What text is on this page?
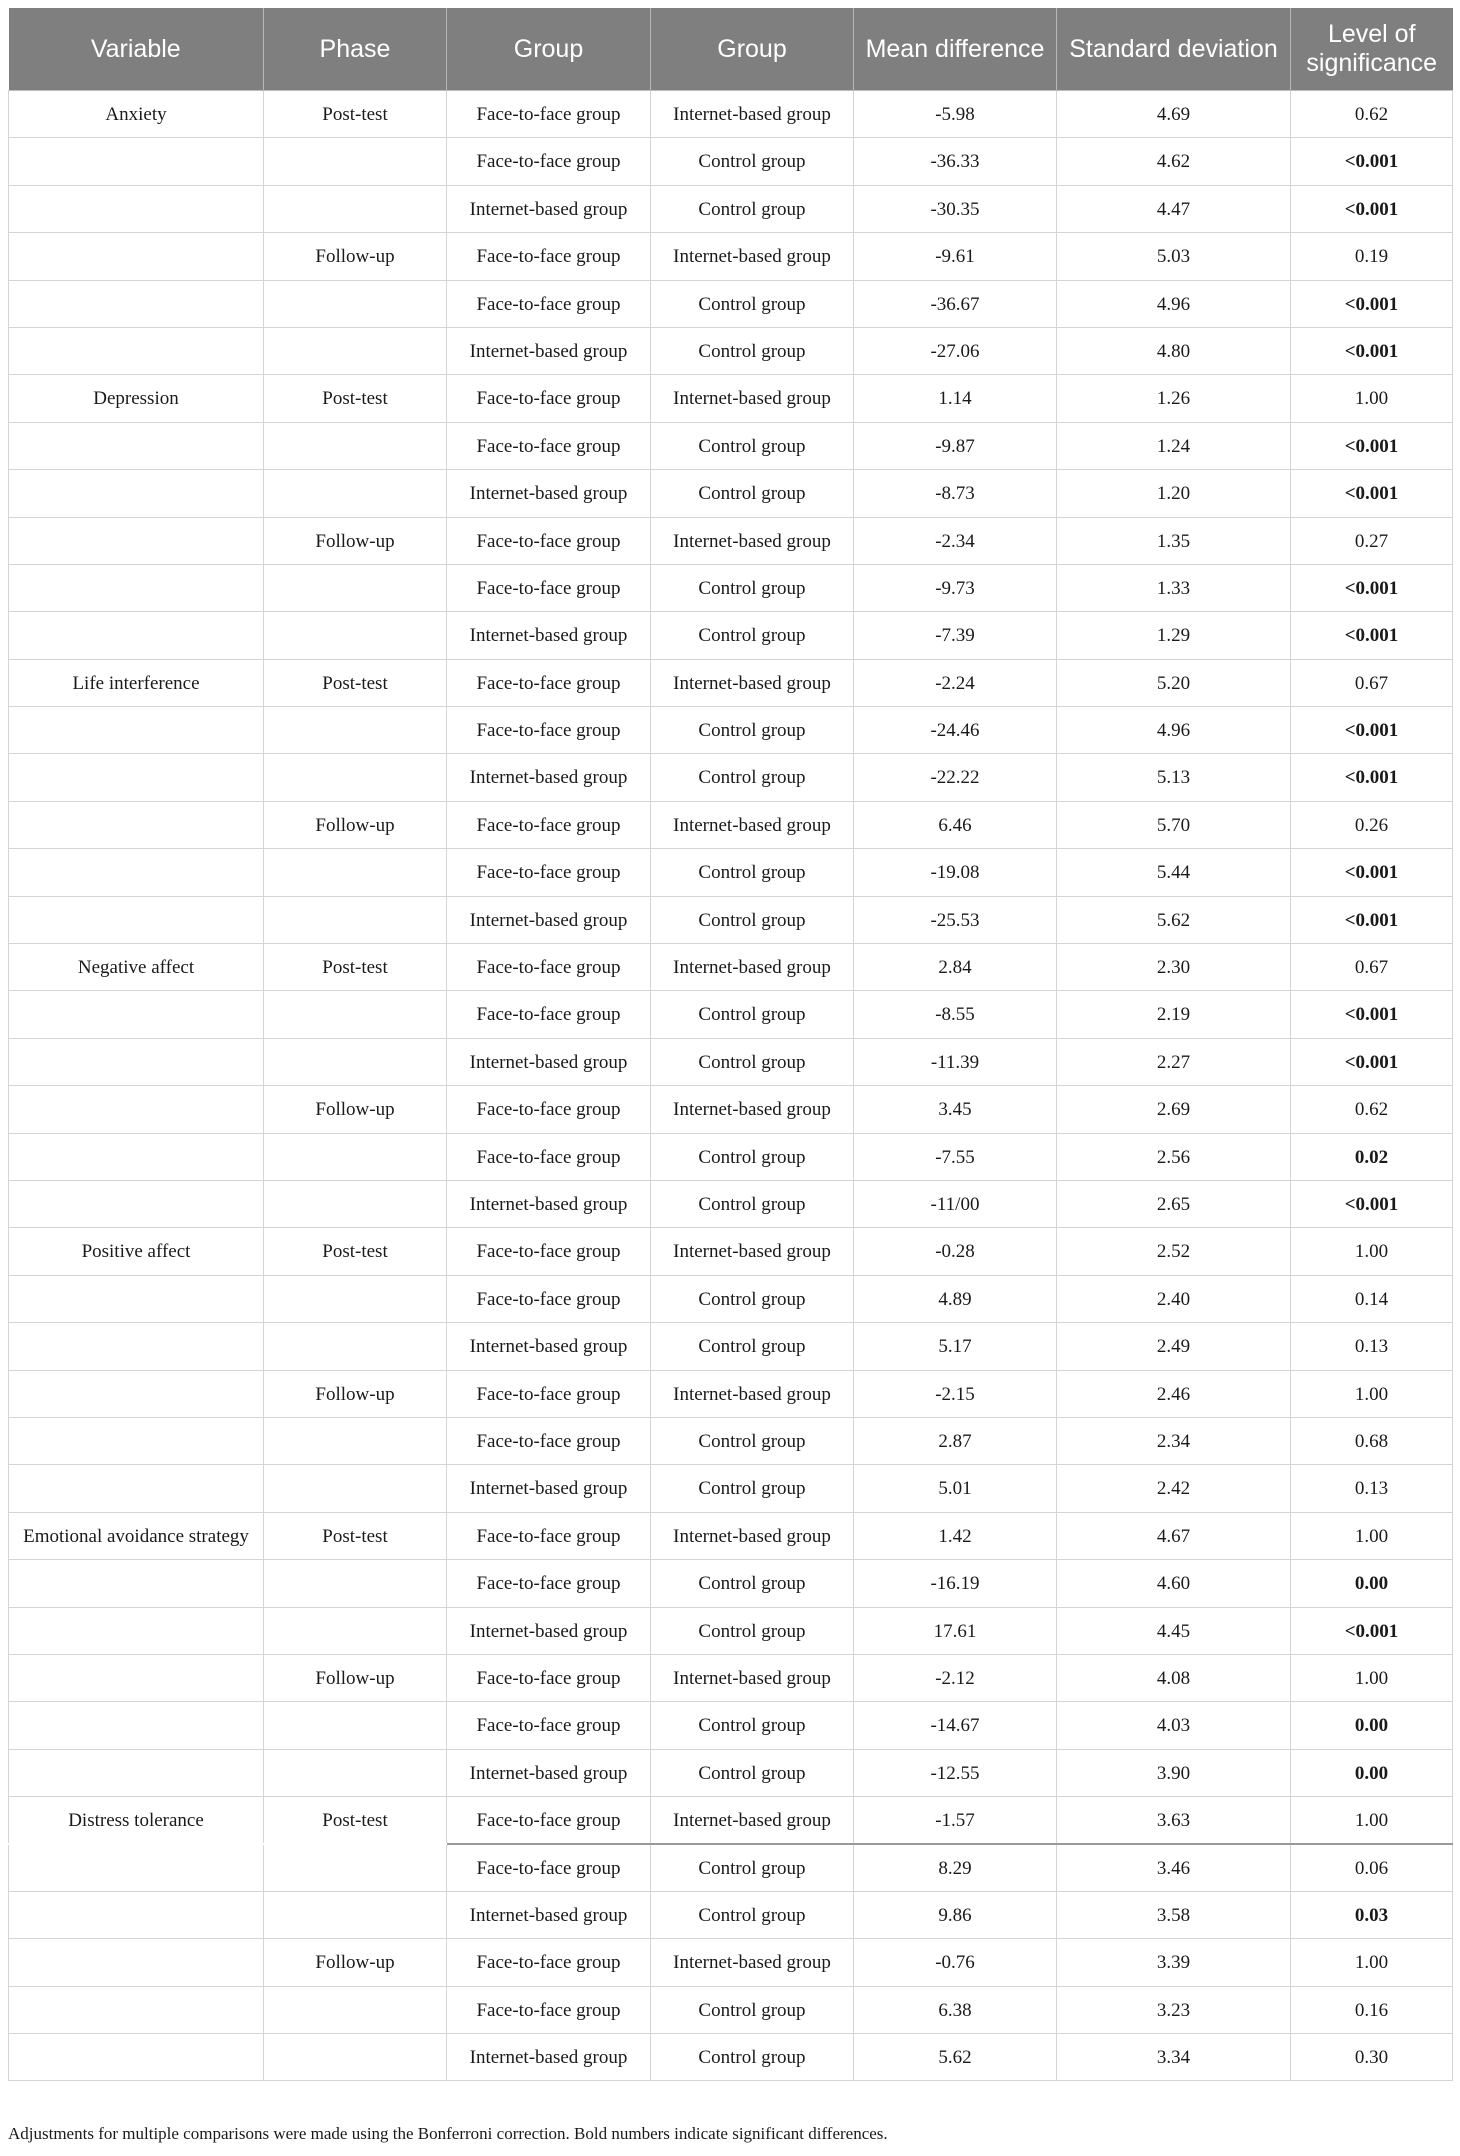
Variable	Phase	Group	Group	Mean difference	Standard deviation	Level of significance
Anxiety	Post-test	Face-to-face group	Internet-based group	-5.98	4.69	0.62
		Face-to-face group	Control group	-36.33	4.62	<0.001
		Internet-based group	Control group	-30.35	4.47	<0.001
	Follow-up	Face-to-face group	Internet-based group	-9.61	5.03	0.19
		Face-to-face group	Control group	-36.67	4.96	<0.001
		Internet-based group	Control group	-27.06	4.80	<0.001
Depression	Post-test	Face-to-face group	Internet-based group	1.14	1.26	1.00
		Face-to-face group	Control group	-9.87	1.24	<0.001
		Internet-based group	Control group	-8.73	1.20	<0.001
	Follow-up	Face-to-face group	Internet-based group	-2.34	1.35	0.27
		Face-to-face group	Control group	-9.73	1.33	<0.001
		Internet-based group	Control group	-7.39	1.29	<0.001
Life interference	Post-test	Face-to-face group	Internet-based group	-2.24	5.20	0.67
		Face-to-face group	Control group	-24.46	4.96	<0.001
		Internet-based group	Control group	-22.22	5.13	<0.001
	Follow-up	Face-to-face group	Internet-based group	6.46	5.70	0.26
		Face-to-face group	Control group	-19.08	5.44	<0.001
		Internet-based group	Control group	-25.53	5.62	<0.001
Negative affect	Post-test	Face-to-face group	Internet-based group	2.84	2.30	0.67
		Face-to-face group	Control group	-8.55	2.19	<0.001
		Internet-based group	Control group	-11.39	2.27	<0.001
	Follow-up	Face-to-face group	Internet-based group	3.45	2.69	0.62
		Face-to-face group	Control group	-7.55	2.56	0.02
		Internet-based group	Control group	-11/00	2.65	<0.001
Positive affect	Post-test	Face-to-face group	Internet-based group	-0.28	2.52	1.00
		Face-to-face group	Control group	4.89	2.40	0.14
		Internet-based group	Control group	5.17	2.49	0.13
	Follow-up	Face-to-face group	Internet-based group	-2.15	2.46	1.00
		Face-to-face group	Control group	2.87	2.34	0.68
		Internet-based group	Control group	5.01	2.42	0.13
Emotional avoidance strategy	Post-test	Face-to-face group	Internet-based group	1.42	4.67	1.00
		Face-to-face group	Control group	-16.19	4.60	0.00
		Internet-based group	Control group	17.61	4.45	<0.001
	Follow-up	Face-to-face group	Internet-based group	-2.12	4.08	1.00
		Face-to-face group	Control group	-14.67	4.03	0.00
		Internet-based group	Control group	-12.55	3.90	0.00
Distress tolerance	Post-test	Face-to-face group	Internet-based group	-1.57	3.63	1.00
		Face-to-face group	Control group	8.29	3.46	0.06
		Internet-based group	Control group	9.86	3.58	0.03
	Follow-up	Face-to-face group	Internet-based group	-0.76	3.39	1.00
		Face-to-face group	Control group	6.38	3.23	0.16
		Internet-based group	Control group	5.62	3.34	0.30
Adjustments for multiple comparisons were made using the Bonferroni correction. Bold numbers indicate significant differences.
